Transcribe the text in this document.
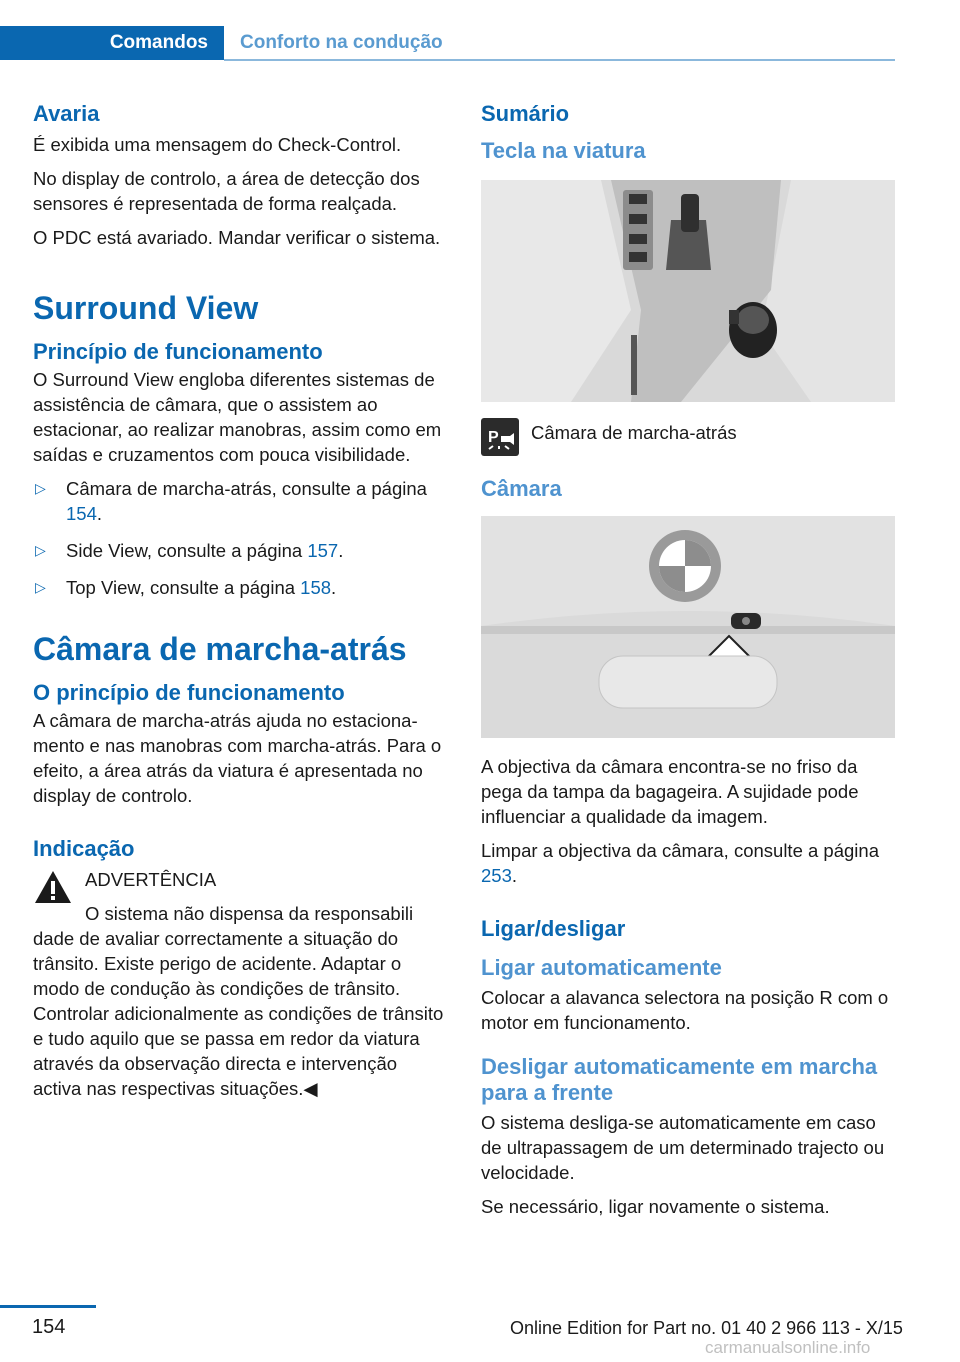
Comandos Conforto na condução
Avaria

É exibida uma mensagem do Check-Control.

No display de controlo, a área de detecção dos sensores é representada de forma realçada.

O PDC está avariado. Mandar verificar o sistema.

Surround View
Princípio de funcionamento

O Surround View engloba diferentes sistemas de assistência de câmara, que o assistem ao estacionar, ao realizar manobras, assim como em saídas e cruzamentos com pouca visibilidade.

▷ Câmara de marcha-atrás, consulte a página 154.
▷ Side View, consulte a página 157.
▷ Top View, consulte a página 158.
Câmara de marcha-atrás
O princípio de funcionamento

A câmara de marcha-atrás ajuda no estacionamento e nas manobras com marcha-atrás. Para o efeito, a área atrás da viatura é apresentada no display de controlo.

Indicação
ADVERTÊNCIA
O sistema não dispensa da responsabili

dade de avaliar correctamente a situação do trânsito. Existe perigo de acidente. Adaptar o modo de condução às condições de trânsito. Controlar adicionalmente as condições de trânsito e tudo aquilo que se passa em redor da viatura através da observação directa e intervenção activa nas respectivas situações.◀

Sumário
Tecla na viatura
P Câmara de marcha-atrás
Câmara

A objectiva da câmara encontra-se no friso da pega da tampa da bagageira. A sujidade pode influenciar a qualidade da imagem.

Limpar a objectiva da câmara, consulte a página 253.

Ligar/desligar
Ligar automaticamente

Colocar a alavanca selectora na posição R com o motor em funcionamento.

Desligar automaticamente em marcha para a frente

O sistema desliga-se automaticamente em caso de ultrapassagem de um determinado trajecto ou velocidade.

Se necessário, ligar novamente o sistema.

154	Online Edition for Part no. 01 40 2 966 113 - X/15
carmanualsonline.info
